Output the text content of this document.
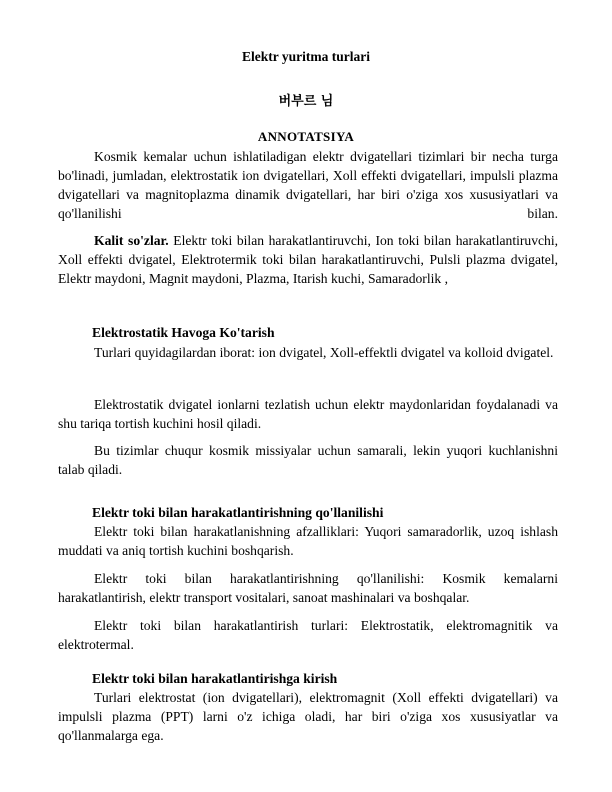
Elektr yuritma turlari
버부르 님
ANNOTATSIYA

Kosmik kemalar uchun ishlatiladigan elektr dvigatellari tizimlari bir necha turga bo'linadi, jumladan, elektrostatik ion dvigatellari, Xoll effekti dvigatellari, impulsli plazma dvigatellari va magnitoplazma dinamik dvigatellari, har biri o'ziga xos xususiyatlari va qo'llanilishi bilan.

Kalit so'zlar. Elektr toki bilan harakatlantiruvchi, Ion toki bilan harakatlantiruvchi, Xoll effekti dvigatel, Elektrotermik toki bilan harakatlantiruvchi, Pulsli plazma dvigatel, Elektr maydoni, Magnit maydoni, Plazma, Itarish kuchi, Samaradorlik ,

Elektrostatik Havoga Ko'tarish

Turlari quyidagilardan iborat: ion dvigatel, Xoll-effektli dvigatel va kolloid dvigatel.

Elektrostatik dvigatel ionlarni tezlatish uchun elektr maydonlaridan foydalanadi va shu tariqa tortish kuchini hosil qiladi.

Bu tizimlar chuqur kosmik missiyalar uchun samarali, lekin yuqori kuchlanishni talab qiladi.

Elektr toki bilan harakatlantirishning qo'llanilishi

Elektr toki bilan harakatlanishning afzalliklari: Yuqori samaradorlik, uzoq ishlash muddati va aniq tortish kuchini boshqarish.

Elektr toki bilan harakatlantirishning qo'llanilishi: Kosmik kemalarni harakatlantirish, elektr transport vositalari, sanoat mashinalari va boshqalar.

Elektr toki bilan harakatlantirish turlari: Elektrostatik, elektromagnitik va elektrotermal.

Elektr toki bilan harakatlantirishga kirish

Turlari elektrostat (ion dvigatellari), elektromagnit (Xoll effekti dvigatellari) va impulsli plazma (PPT) larni o'z ichiga oladi, har biri o'ziga xos xususiyatlar va qo'llanmalarga ega.
